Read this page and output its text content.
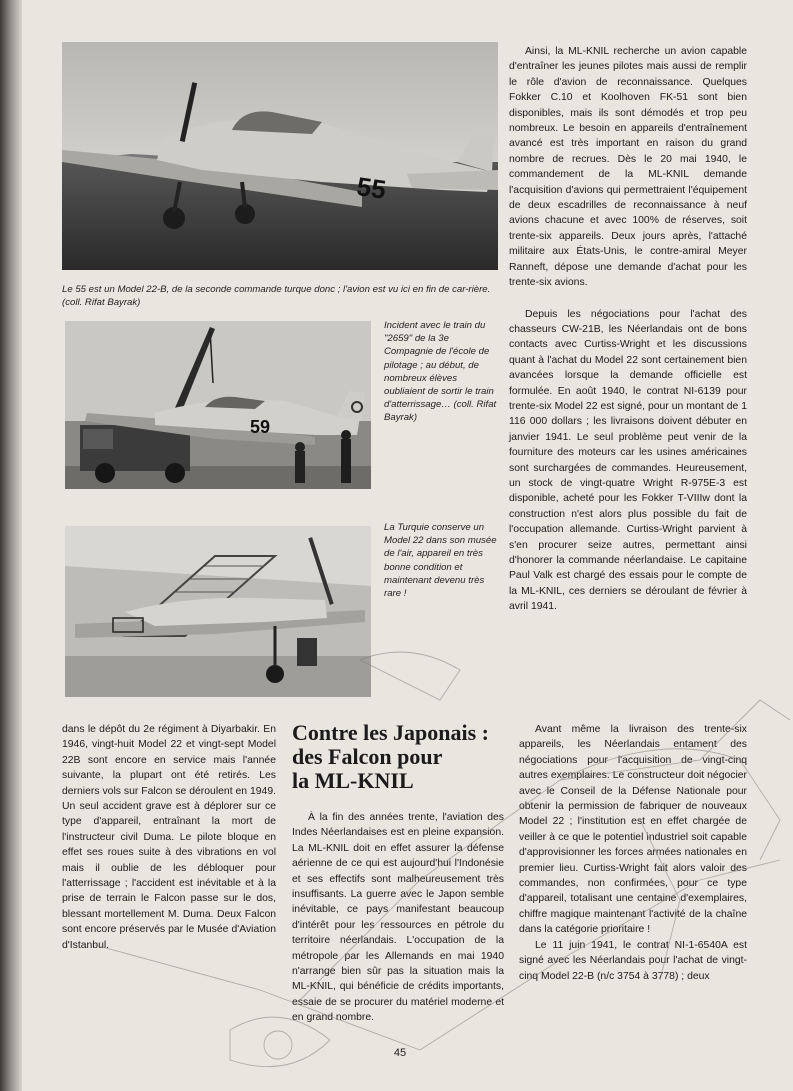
55
Le 55 est un Model 22-B, de la seconde commande turque donc ; l'avion est vu ici en fin de car-rière. (coll. Rifat Bayrak)
59
Incident avec le train du "2659" de la 3e Compagnie de l'école de pilotage ; au début, de nombreux élèves oubliaient de sortir le train d'atterrissage… (coll. Rifat Bayrak)
La Turquie conserve un Model 22 dans son musée de l'air, appareil en très bonne condition et maintenant devenu très rare !

Ainsi, la ML-KNIL recherche un avion capable d'entraîner les jeunes pilotes mais aussi de remplir le rôle d'avion de reconnaissance. Quelques Fokker C.10 et Koolhoven FK-51 sont bien disponibles, mais ils sont démodés et trop peu nombreux. Le besoin en appareils d'entraînement avancé est très important en raison du grand nombre de recrues. Dès le 20 mai 1940, le commandement de la ML-KNIL demande l'acquisition d'avions qui permettraient l'équipement de deux escadrilles de reconnaissance à neuf avions chacune et avec 100% de réserves, soit trente-six appareils. Deux jours après, l'attaché militaire aux États-Unis, le contre-amiral Meyer Ranneft, dépose une demande d'achat pour les trente-six avions.

Depuis les négociations pour l'achat des chasseurs CW-21B, les Néerlandais ont de bons contacts avec Curtiss-Wright et les discussions quant à l'achat du Model 22 sont certainement bien avancées lorsque la demande officielle est formulée. En août 1940, le contrat NI-6139 pour trente-six Model 22 est signé, pour un montant de 1 116 000 dollars ; les livraisons doivent débuter en janvier 1941. Le seul problème peut venir de la fourniture des moteurs car les usines américaines sont surchargées de commandes. Heureusement, un stock de vingt-quatre Wright R-975E-3 est disponible, acheté pour les Fokker T-VIIIw dont la construction n'est alors plus possible du fait de l'occupation allemande. Curtiss-Wright parvient à s'en procurer seize autres, permettant ainsi d'honorer la commande néerlandaise. Le capitaine Paul Valk est chargé des essais pour le compte de la ML-KNIL, ces derniers se déroulant de février à avril 1941.

dans le dépôt du 2e régiment à Diyarbakir. En 1946, vingt-huit Model 22 et vingt-sept Model 22B sont encore en service mais l'année suivante, la plupart ont été retirés. Les derniers vols sur Falcon se déroulent en 1949. Un seul accident grave est à déplorer sur ce type d'appareil, entraînant la mort de l'instructeur civil Duma. Le pilote bloque en effet ses roues suite à des vibrations en vol mais il oublie de les débloquer pour l'atterrissage ; l'accident est inévitable et à la prise de terrain le Falcon passe sur le dos, blessant mortellement M. Duma. Deux Falcon sont encore préservés par le Musée d'Aviation d'Istanbul.

Contre les Japonais :
des Falcon pour
la ML-KNIL

À la fin des années trente, l'aviation des Indes Néerlandaises est en pleine expansion. La ML-KNIL doit en effet assurer la défense aérienne de ce qui est aujourd'hui l'Indonésie et ses effectifs sont malheureusement très insuffisants. La guerre avec le Japon semble inévitable, ce pays manifestant beaucoup d'intérêt pour les ressources en pétrole du territoire néerlandais. L'occupation de la métropole par les Allemands en mai 1940 n'arrange bien sûr pas la situation mais la ML-KNIL, qui bénéficie de crédits importants, essaie de se procurer du matériel moderne et en grand nombre.

Avant même la livraison des trente-six appareils, les Néerlandais entament des négociations pour l'acquisition de vingt-cinq autres exemplaires. Le constructeur doit négocier avec le Conseil de la Défense Nationale pour obtenir la permission de fabriquer de nouveaux Model 22 ; l'institution est en effet chargée de veiller à ce que le potentiel industriel soit capable d'approvisionner les forces armées nationales en premier lieu. Curtiss-Wright fait alors valoir des commandes, non confirmées, pour ce type d'appareil, totalisant une centaine d'exemplaires, chiffre magique maintenant l'activité de la chaîne dans la catégorie prioritaire !

Le 11 juin 1941, le contrat NI-1-6540A est signé avec les Néerlandais pour l'achat de vingt-cinq Model 22-B (n/c 3754 à 3778) ; deux

45
